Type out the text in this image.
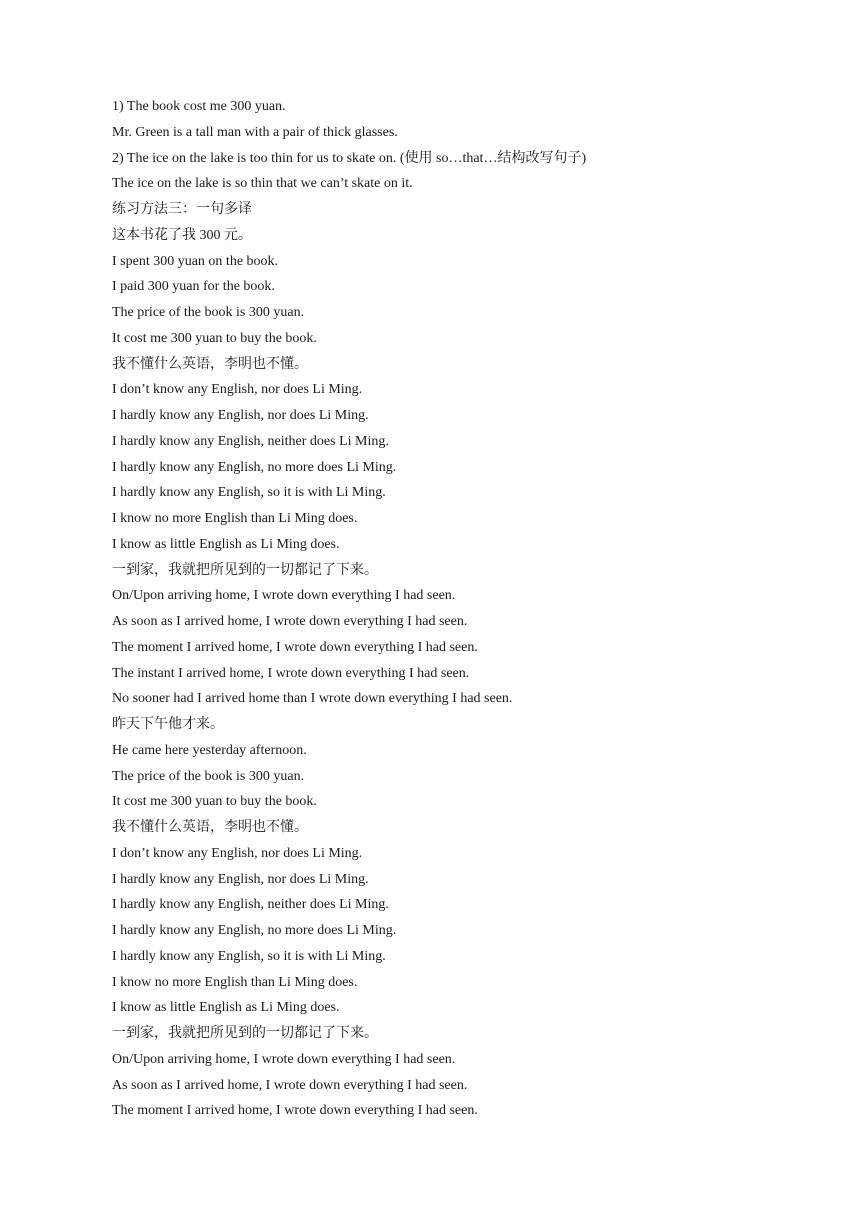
1) The book cost me 300 yuan.
Mr. Green is a tall man with a pair of thick glasses.
2) The ice on the lake is too thin for us to skate on. (使用 so…that…结构改写句子)
The ice on the lake is so thin that we can’t skate on it.
练习方法三：一句多译
这本书花了我 300 元。
I spent 300 yuan on the book.
I paid 300 yuan for the book.
The price of the book is 300 yuan.
It cost me 300 yuan to buy the book.
我不懂什么英语，李明也不懂。
I don’t know any English, nor does Li Ming.
I hardly know any English, nor does Li Ming.
I hardly know any English, neither does Li Ming.
I hardly know any English, no more does Li Ming.
I hardly know any English, so it is with Li Ming.
I know no more English than Li Ming does.
I know as little English as Li Ming does.
一到家，我就把所见到的一切都记了下来。
On/Upon arriving home, I wrote down everything I had seen.
As soon as I arrived home, I wrote down everything I had seen.
The moment I arrived home, I wrote down everything I had seen.
The instant I arrived home, I wrote down everything I had seen.
No sooner had I arrived home than I wrote down everything I had seen.
昨天下午他才来。
He came here yesterday afternoon.
The price of the book is 300 yuan.
It cost me 300 yuan to buy the book.
我不懂什么英语，李明也不懂。
I don’t know any English, nor does Li Ming.
I hardly know any English, nor does Li Ming.
I hardly know any English, neither does Li Ming.
I hardly know any English, no more does Li Ming.
I hardly know any English, so it is with Li Ming.
I know no more English than Li Ming does.
I know as little English as Li Ming does.
一到家，我就把所见到的一切都记了下来。
On/Upon arriving home, I wrote down everything I had seen.
As soon as I arrived home, I wrote down everything I had seen.
The moment I arrived home, I wrote down everything I had seen.
